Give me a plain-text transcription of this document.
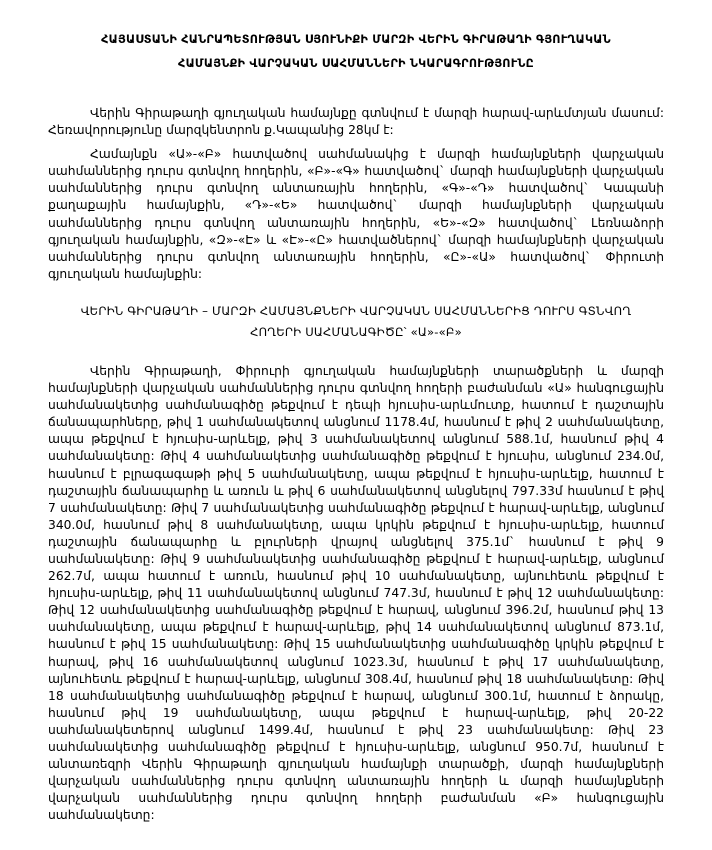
ՀԱՅԱՍՏԱՆԻ ՀԱՆՐԱՊԵՏՈՒԹՅԱՆ ՍՅՈՒՆԻՔԻ ՄԱՐԶԻ ՎԵՐԻՆ ԳԻՐԱԹԱՂԻ ԳՅՈՒՂԱԿԱՆ
ՀԱՄԱՅՆՔԻ ՎԱՐՉԱԿԱՆ ՍԱՀՄԱՆՆԵՐԻ ՆԿԱՐԱԳՐՈՒԹՅՈՒՆԸ

Վերին Գիրաթաղի գյուղական համայնքը գտնվում է մարզի հարավ-արևմտյան մասում: Հեռավորությունը մարզկենտրոն ք.Կապանից 28կմ է:

Համայնքն «Ա»-«Բ» հատվածով սահմանակից է մարզի համայնքների վարչական սահմաններից դուրս գտնվող հողերին, «Բ»-«Գ» հատվածով` մարզի համայնքների վարչական սահմաններից դուրս գտնվող անտառային հողերին, «Գ»-«Դ» հատվածով` Կապանի քաղաքային համայնքին, «Դ»-«Ե» հատվածով` մարզի համայնքների վարչական սահմաններից դուրս գտնվող անտառային հողերին, «Ե»-«Զ» հատվածով` Լեռնաձորի գյուղական համայնքին, «Զ»-«Է» և «Է»-«Ը» հատվածներով` մարզի համայնքների վարչական սահմաններից դուրս գտնվող անտառային հողերին, «Ը»-«Ա» հատվածով` Փիրուտի գյուղական համայնքին:

ՎԵՐԻՆ ԳԻՐԱԹԱՂԻ – ՄԱՐԶԻ ՀԱՄԱՅՆՔՆԵՐԻ ՎԱՐՉԱԿԱՆ ՍԱՀՄԱՆՆԵՐԻՑ ԴՈՒՐՍ ԳՏՆՎՈՂ
ՀՈՂԵՐԻ ՍԱՀՄԱՆԱԳԻԾԸ՝ «Ա»-«Բ»

Վերին Գիրաթաղի, Փիրուրի գյուղական համայնքների տարածքների և մարզի համայնքների վարչական սահմաններից դուրս գտնվող հողերի բաժանման «Ա» հանգուցային սահմանակետից սահմանագիծը թեքվում է դեպի հյուսիս-արևմուտք, հատում է դաշտային ճանապարհները, թիվ 1 սահմանակետով անցնում 1178.4մ, հասնում է թիվ 2 սահմանակետը, ապա թեքվում է հյուսիս-արևելք, թիվ 3 սահմանակետով անցնում 588.1մ, հասնում թիվ 4 սահմանակետը: Թիվ 4 սահմանակետից սահմանագիծը թեքվում է հյուսիս, անցնում 234.0մ, հասնում է բլրագագաթի թիվ 5 սահմանակետը, ապա թեքվում է հյուսիս-արևելք, հատում է դաշտային ճանապարհը և առուն և թիվ 6 սահմանակետով անցնելով 797.33մ հասնում է թիվ 7 սահմանակետը: Թիվ 7 սահմանակետից սահմանագիծը թեքվում է հարավ-արևելք, անցնում 340.0մ, հասնում թիվ 8 սահմանակետը, ապա կրկին թեքվում է հյուսիս-արևելք, հատում դաշտային ճանապարհը և բլուրների վրայով անցնելով 375.1մ` հասնում է թիվ 9 սահմանակետը: Թիվ 9 սահմանակետից սահմանագիծը թեքվում է հարավ-արևելք, անցնում 262.7մ, ապա հատում է առուն, հասնում թիվ 10 սահմանակետը, այնուհետև թեքվում է հյուսիս-արևելք, թիվ 11 սահմանակետով անցնում 747.3մ, հասնում է թիվ 12 սահմանակետը: Թիվ 12 սահմանակետից սահմանագիծը թեքվում է հարավ, անցնում 396.2մ, հասնում թիվ 13 սահմանակետը, ապա թեքվում է հարավ-արևելք, թիվ 14 սահմանակետով անցնում 873.1մ, հասնում է թիվ 15 սահմանակետը: Թիվ 15 սահմանակետից սահմանագիծը կրկին թեքվում է հարավ, թիվ 16 սահմանակետով անցնում 1023.3մ, հասնում է թիվ 17 սահմանակետը, այնուհետև թեքվում է հարավ-արևելք, անցնում 308.4մ, հասնում թիվ 18 սահմանակետը: Թիվ 18 սահմանակետից սահմանագիծը թեքվում է հարավ, անցնում 300.1մ, հատում է ձորակը, հասնում թիվ 19 սահմանակետը, ապա թեքվում է հարավ-արևելք, թիվ 20-22 սահմանակետերով անցնում 1499.4մ, հասնում է թիվ 23 սահմանակետը: Թիվ 23 սահմանակետից սահմանագիծը թեքվում է հյուսիս-արևելք, անցնում 950.7մ, հասնում է անտառեզրի Վերին Գիրաթաղի գյուղական համայնքի տարածքի, մարզի համայնքների վարչական սահմաններից դուրս գտնվող անտառային հողերի և մարզի համայնքների վարչական սահմաններից դուրս գտնվող հողերի բաժանման «Բ» հանգուցային սահմանակետը:
